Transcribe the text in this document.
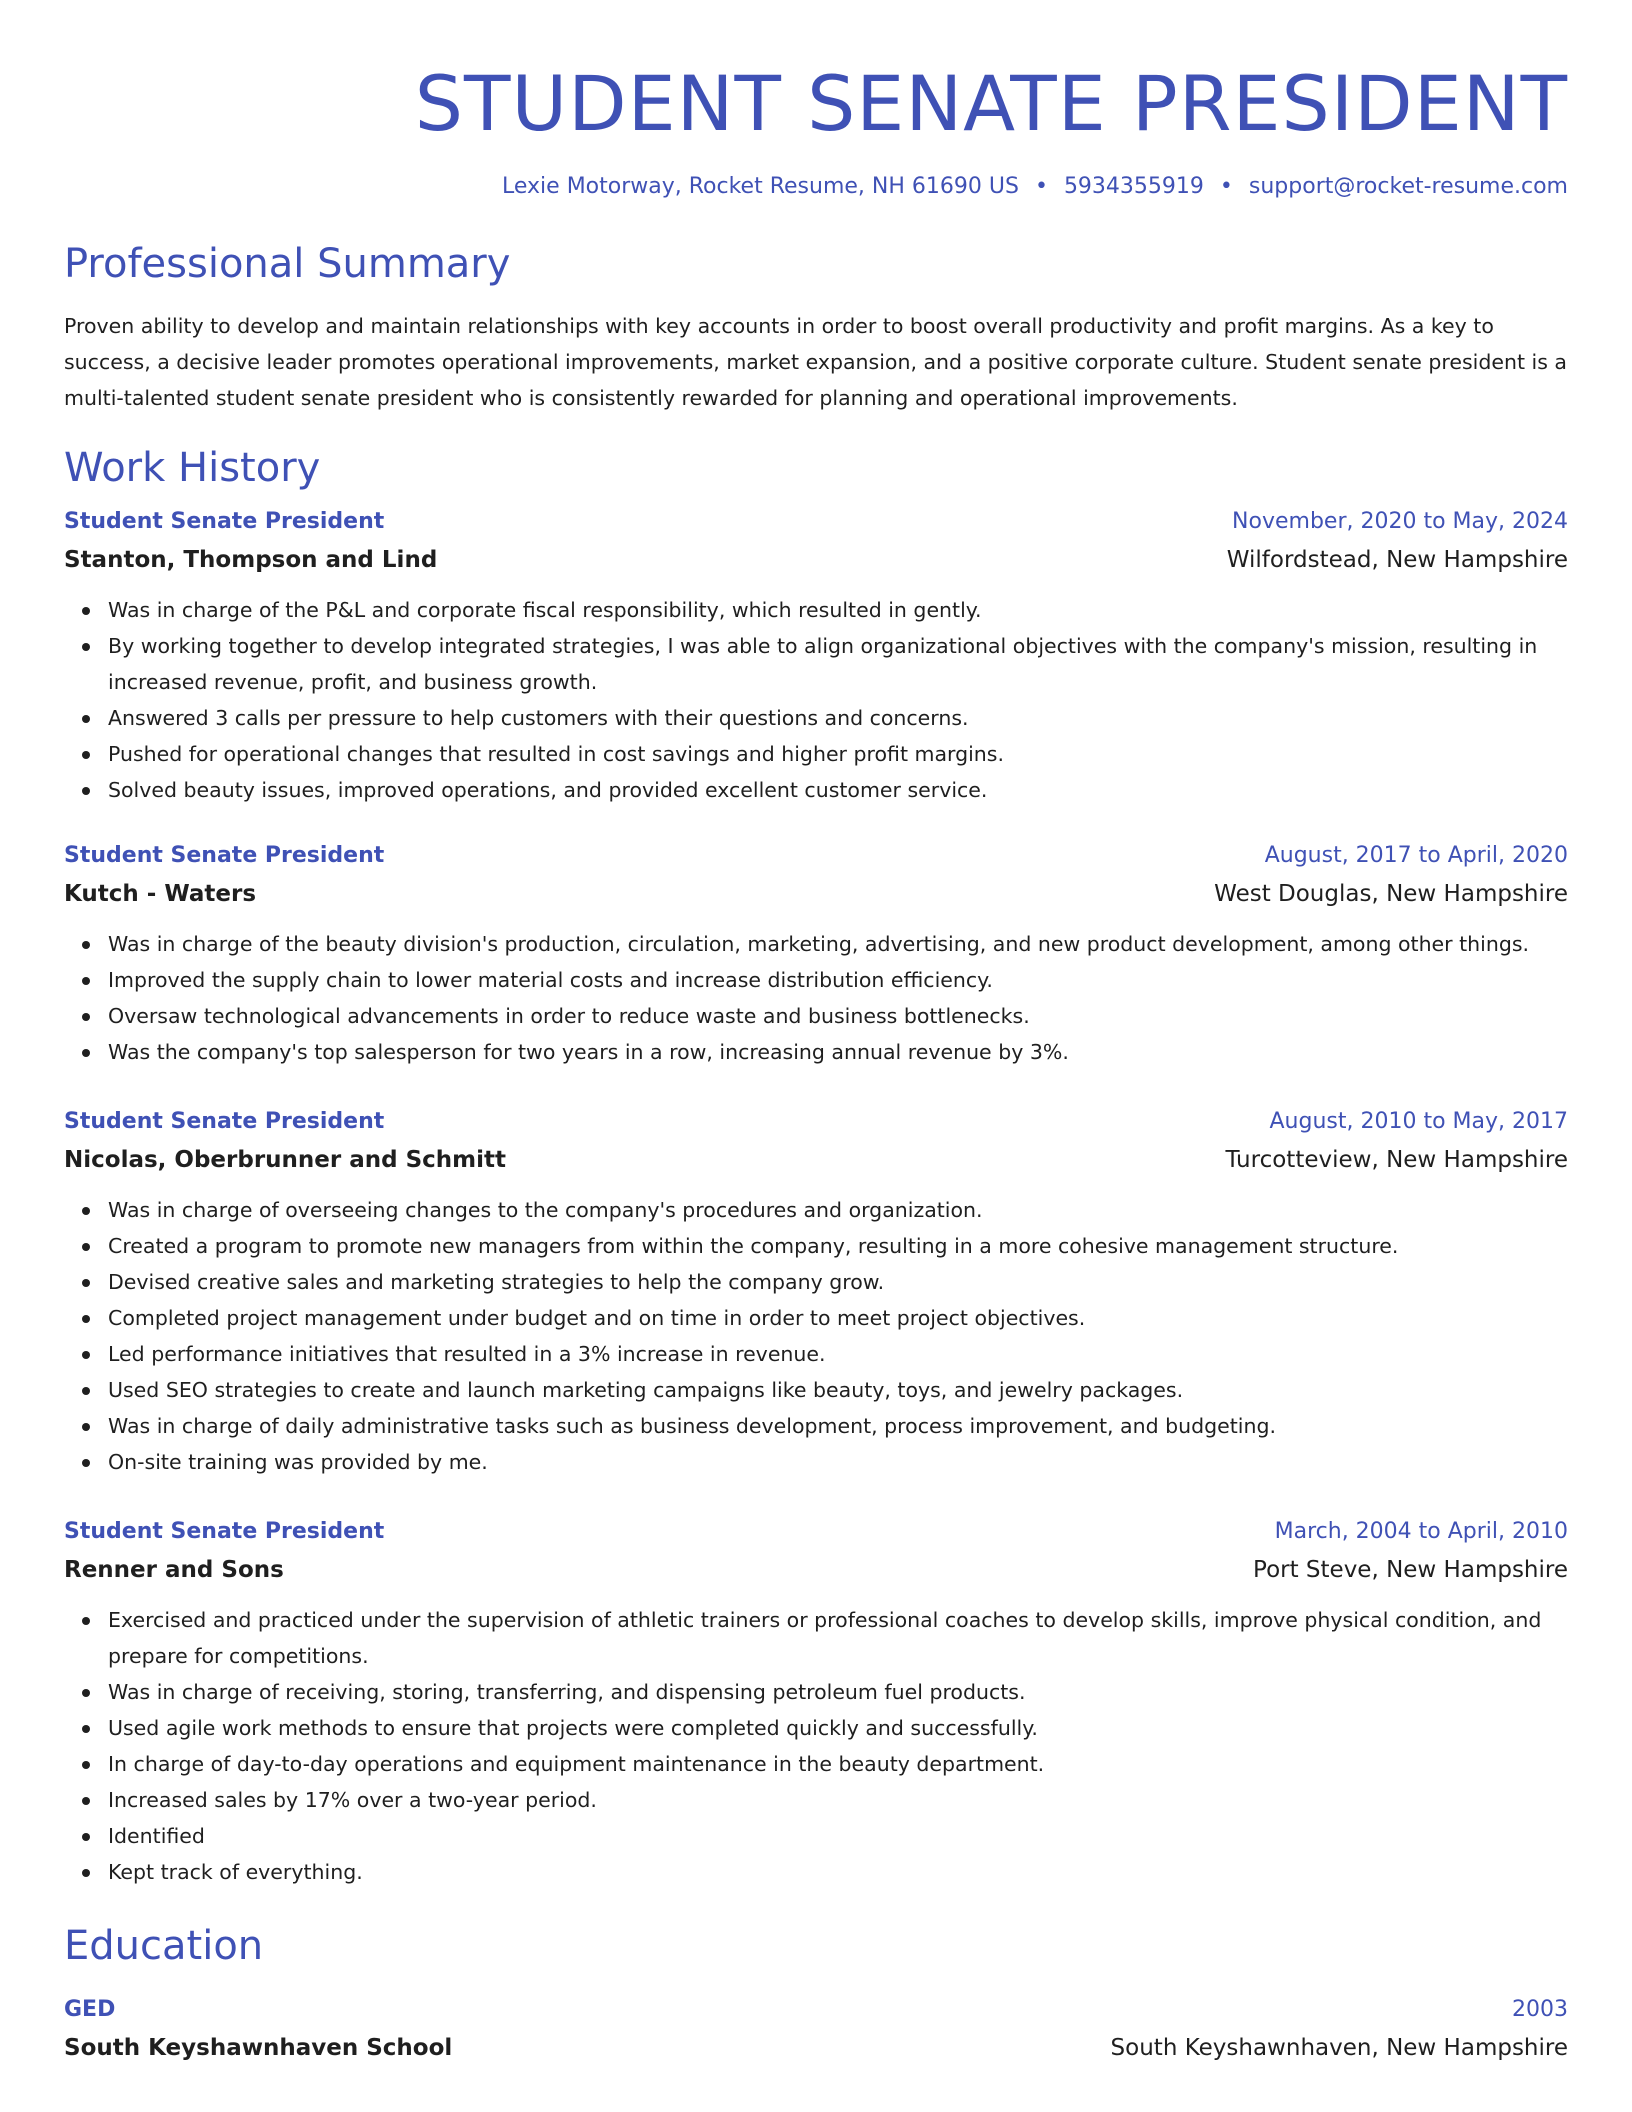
STUDENT SENATE PRESIDENT
Lexie Motorway, Rocket Resume, NH 61690 US • 5934355919 • support@rocket-resume.com
Professional Summary

Proven ability to develop and maintain relationships with key accounts in order to boost overall productivity and profit margins. As a key to success, a decisive leader promotes operational improvements, market expansion, and a positive corporate culture. Student senate president is a multi-talented student senate president who is consistently rewarded for planning and operational improvements.

Work History
Student Senate President	November, 2020 to May, 2024
Stanton, Thompson and Lind	Wilfordstead, New Hampshire
Was in charge of the P&L and corporate fiscal responsibility, which resulted in gently.
By working together to develop integrated strategies, I was able to align organizational objectives with the company's mission, resulting in increased revenue, profit, and business growth.
Answered 3 calls per pressure to help customers with their questions and concerns.
Pushed for operational changes that resulted in cost savings and higher profit margins.
Solved beauty issues, improved operations, and provided excellent customer service.
Student Senate President	August, 2017 to April, 2020
Kutch - Waters	West Douglas, New Hampshire
Was in charge of the beauty division's production, circulation, marketing, advertising, and new product development, among other things.
Improved the supply chain to lower material costs and increase distribution efficiency.
Oversaw technological advancements in order to reduce waste and business bottlenecks.
Was the company's top salesperson for two years in a row, increasing annual revenue by 3%.
Student Senate President	August, 2010 to May, 2017
Nicolas, Oberbrunner and Schmitt	Turcotteview, New Hampshire
Was in charge of overseeing changes to the company's procedures and organization.
Created a program to promote new managers from within the company, resulting in a more cohesive management structure.
Devised creative sales and marketing strategies to help the company grow.
Completed project management under budget and on time in order to meet project objectives.
Led performance initiatives that resulted in a 3% increase in revenue.
Used SEO strategies to create and launch marketing campaigns like beauty, toys, and jewelry packages.
Was in charge of daily administrative tasks such as business development, process improvement, and budgeting.
On-site training was provided by me.
Student Senate President	March, 2004 to April, 2010
Renner and Sons	Port Steve, New Hampshire
Exercised and practiced under the supervision of athletic trainers or professional coaches to develop skills, improve physical condition, and prepare for competitions.
Was in charge of receiving, storing, transferring, and dispensing petroleum fuel products.
Used agile work methods to ensure that projects were completed quickly and successfully.
In charge of day-to-day operations and equipment maintenance in the beauty department.
Increased sales by 17% over a two-year period.
Identified
Kept track of everything.
Education
GED	2003
South Keyshawnhaven School	South Keyshawnhaven, New Hampshire
